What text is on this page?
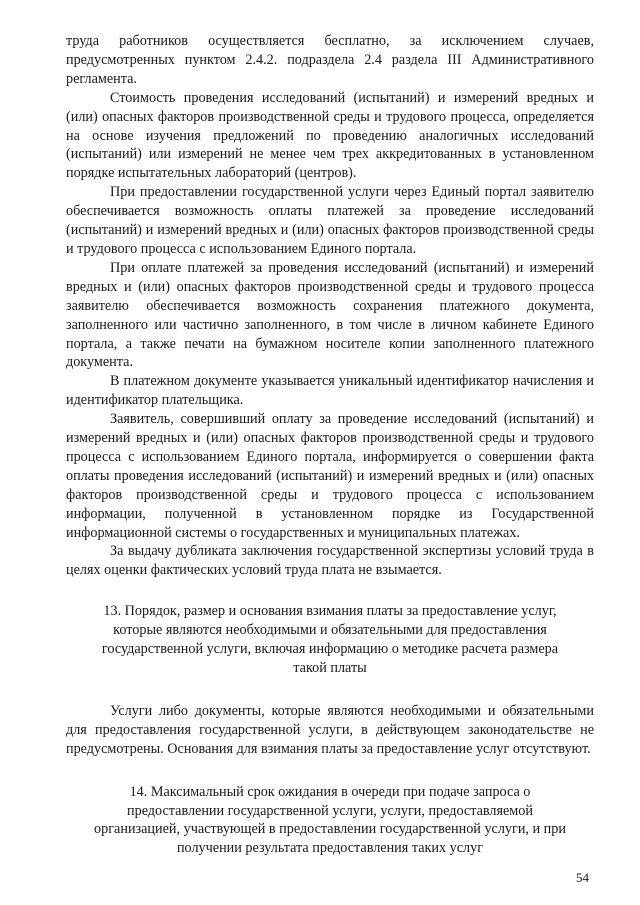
труда работников осуществляется бесплатно, за исключением случаев, предусмотренных пунктом 2.4.2. подраздела 2.4 раздела III Административного регламента.

Стоимость проведения исследований (испытаний) и измерений вредных и (или) опасных факторов производственной среды и трудового процесса, определяется на основе изучения предложений по проведению аналогичных исследований (испытаний) или измерений не менее чем трех аккредитованных в установленном порядке испытательных лабораторий (центров).

При предоставлении государственной услуги через Единый портал заявителю обеспечивается возможность оплаты платежей за проведение исследований (испытаний) и измерений вредных и (или) опасных факторов производственной среды и трудового процесса с использованием Единого портала.

При оплате платежей за проведения исследований (испытаний) и измерений вредных и (или) опасных факторов производственной среды и трудового процесса заявителю обеспечивается возможность сохранения платежного документа, заполненного или частично заполненного, в том числе в личном кабинете Единого портала, а также печати на бумажном носителе копии заполненного платежного документа.

В платежном документе указывается уникальный идентификатор начисления и идентификатор плательщика.

Заявитель, совершивший оплату за проведение исследований (испытаний) и измерений вредных и (или) опасных факторов производственной среды и трудового процесса с использованием Единого портала, информируется о совершении факта оплаты проведения исследований (испытаний) и измерений вредных и (или) опасных факторов производственной среды и трудового процесса с использованием информации, полученной в установленном порядке из Государственной информационной системы о государственных и муниципальных платежах.

За выдачу дубликата заключения государственной экспертизы условий труда в целях оценки фактических условий труда плата не взымается.

13. Порядок, размер и основания взимания платы за предоставление услуг, которые являются необходимыми и обязательными для предоставления государственной услуги, включая информацию о методике расчета размера такой платы

Услуги либо документы, которые являются необходимыми и обязательными для предоставления государственной услуги, в действующем законодательстве не предусмотрены. Основания для взимания платы за предоставление услуг отсутствуют.

14. Максимальный срок ожидания в очереди при подаче запроса о предоставлении государственной услуги, услуги, предоставляемой организацией, участвующей в предоставлении государственной услуги, и при получении результата предоставления таких услуг

54
